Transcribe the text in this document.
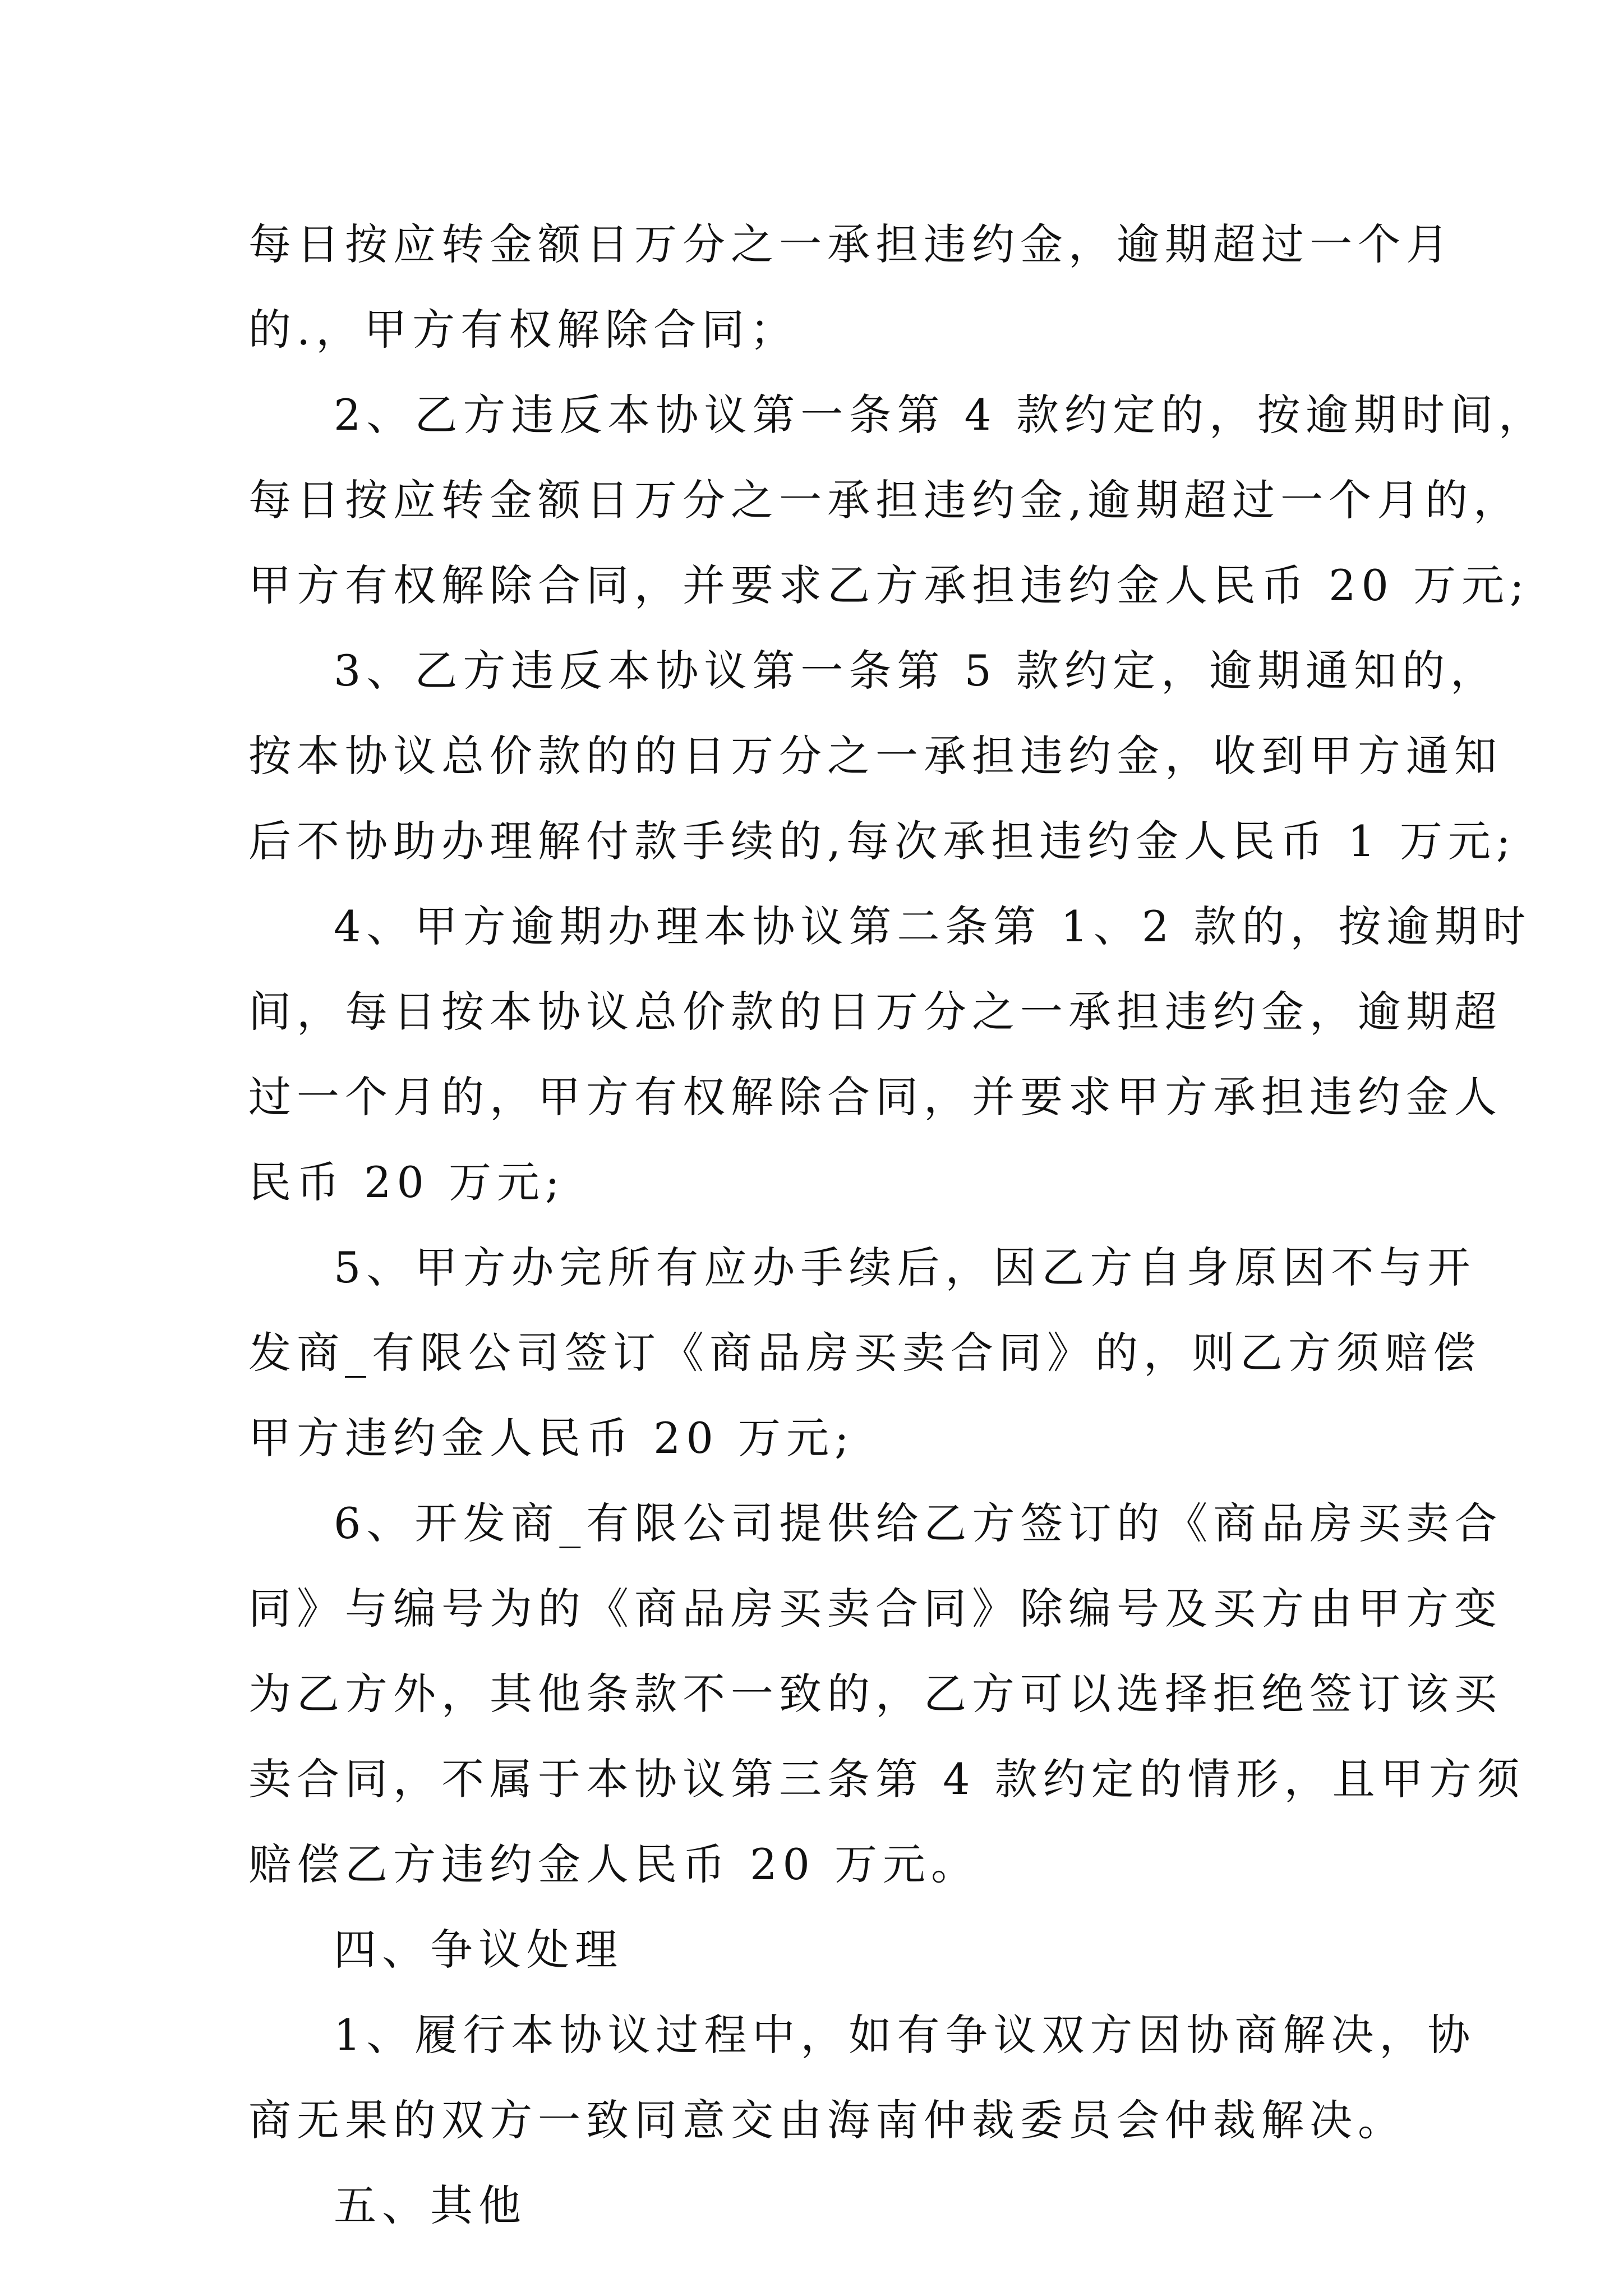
每日按应转金额日万分之一承担违约金，逾期超过一个月
的.，甲方有权解除合同；
2、乙方违反本协议第一条第 4 款约定的，按逾期时间，
每日按应转金额日万分之一承担违约金,逾期超过一个月的，
甲方有权解除合同，并要求乙方承担违约金人民币 20 万元;
3、乙方违反本协议第一条第 5 款约定，逾期通知的，
按本协议总价款的的日万分之一承担违约金，收到甲方通知
后不协助办理解付款手续的,每次承担违约金人民币 1 万元;
4、甲方逾期办理本协议第二条第 1、2 款的，按逾期时
间，每日按本协议总价款的日万分之一承担违约金，逾期超
过一个月的，甲方有权解除合同，并要求甲方承担违约金人
民币 20 万元;
5、甲方办完所有应办手续后，因乙方自身原因不与开
发商_有限公司签订《商品房买卖合同》的，则乙方须赔偿
甲方违约金人民币 20 万元;
6、开发商_有限公司提供给乙方签订的《商品房买卖合
同》与编号为的《商品房买卖合同》除编号及买方由甲方变
为乙方外，其他条款不一致的，乙方可以选择拒绝签订该买
卖合同，不属于本协议第三条第 4 款约定的情形，且甲方须
赔偿乙方违约金人民币 20 万元。
四、争议处理
1、履行本协议过程中，如有争议双方因协商解决，协
商无果的双方一致同意交由海南仲裁委员会仲裁解决。
五、其他
